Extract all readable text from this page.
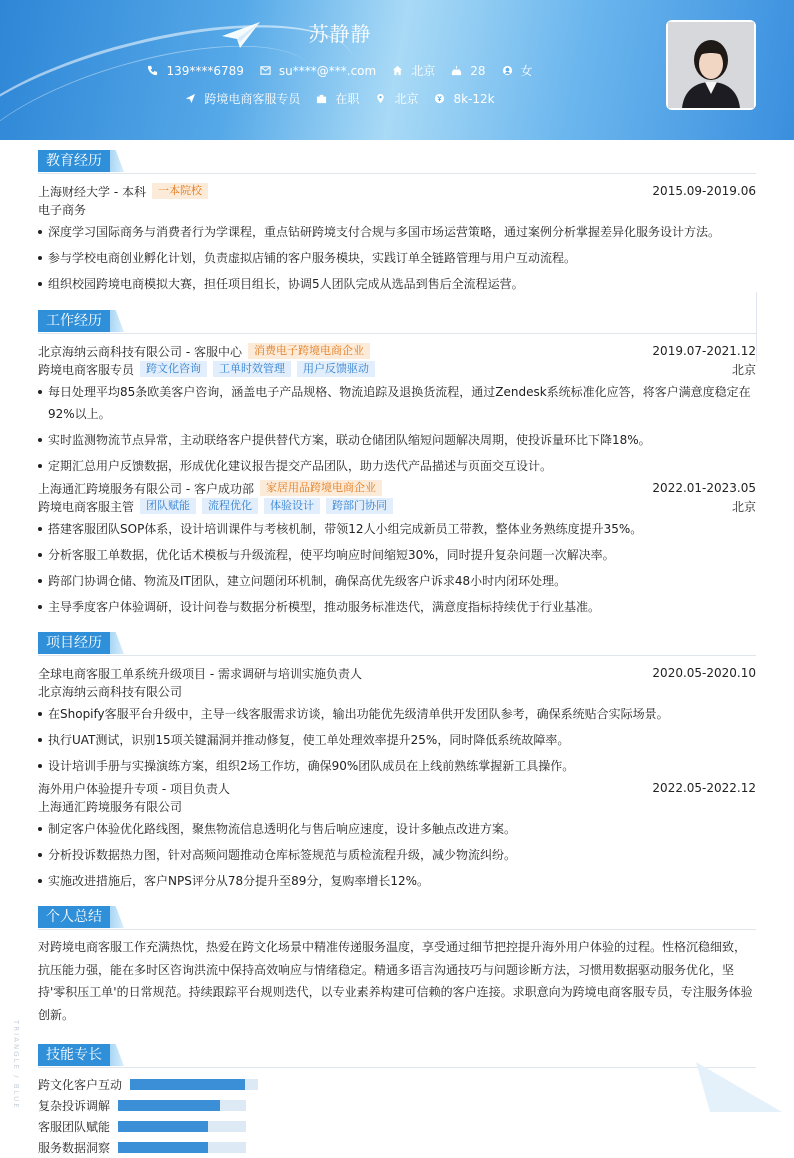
苏静静
139****6789	su****@***.com	北京	28	女
跨境电商客服专员	在职	北京	8k-12k
教育经历
上海财经大学 - 本科	一本院校	2015.09-2019.06
电子商务
深度学习国际商务与消费者行为学课程，重点钻研跨境支付合规与多国市场运营策略，通过案例分析掌握差异化服务设计方法。
参与学校电商创业孵化计划，负责虚拟店铺的客户服务模块，实践订单全链路管理与用户互动流程。
组织校园跨境电商模拟大赛，担任项目组长，协调5人团队完成从选品到售后全流程运营。
工作经历
北京海纳云商科技有限公司 - 客服中心	消费电子跨境电商企业	2019.07-2021.12
跨境电商客服专员	跨文化咨询	工单时效管理	用户反馈驱动	北京
每日处理平均85条欧美客户咨询，涵盖电子产品规格、物流追踪及退换货流程，通过Zendesk系统标准化应答，将客户满意度稳定在92%以上。
实时监测物流节点异常，主动联络客户提供替代方案，联动仓储团队缩短问题解决周期，使投诉量环比下降18%。
定期汇总用户反馈数据，形成优化建议报告提交产品团队，助力迭代产品描述与页面交互设计。
上海通汇跨境服务有限公司 - 客户成功部	家居用品跨境电商企业	2022.01-2023.05
跨境电商客服主管	团队赋能	流程优化	体验设计	跨部门协同	北京
搭建客服团队SOP体系，设计培训课件与考核机制，带领12人小组完成新员工带教，整体业务熟练度提升35%。
分析客服工单数据，优化话术模板与升级流程，使平均响应时间缩短30%，同时提升复杂问题一次解决率。
跨部门协调仓储、物流及IT团队，建立问题闭环机制，确保高优先级客户诉求48小时内闭环处理。
主导季度客户体验调研，设计问卷与数据分析模型，推动服务标准迭代，满意度指标持续优于行业基准。
项目经历
全球电商客服工单系统升级项目 - 需求调研与培训实施负责人	2020.05-2020.10
北京海纳云商科技有限公司
在Shopify客服平台升级中，主导一线客服需求访谈，输出功能优先级清单供开发团队参考，确保系统贴合实际场景。
执行UAT测试，识别15项关键漏洞并推动修复，使工单处理效率提升25%，同时降低系统故障率。
设计培训手册与实操演练方案，组织2场工作坊，确保90%团队成员在上线前熟练掌握新工具操作。
海外用户体验提升专项 - 项目负责人	2022.05-2022.12
上海通汇跨境服务有限公司
制定客户体验优化路线图，聚焦物流信息透明化与售后响应速度，设计多触点改进方案。
分析投诉数据热力图，针对高频问题推动仓库标签规范与质检流程升级，减少物流纠纷。
实施改进措施后，客户NPS评分从78分提升至89分，复购率增长12%。
个人总结
对跨境电商客服工作充满热忱，热爱在跨文化场景中精准传递服务温度，享受通过细节把控提升海外用户体验的过程。性格沉稳细致，抗压能力强，能在多时区咨询洪流中保持高效响应与情绪稳定。精通多语言沟通技巧与问题诊断方法，习惯用数据驱动服务优化，坚持'零积压工单'的日常规范。持续跟踪平台规则迭代，以专业素养构建可信赖的客户连接。求职意向为跨境电商客服专员，专注服务体验创新。
技能专长
跨文化客户互动
复杂投诉调解
客服团队赋能
服务数据洞察
TRIANGLE / BLUE
